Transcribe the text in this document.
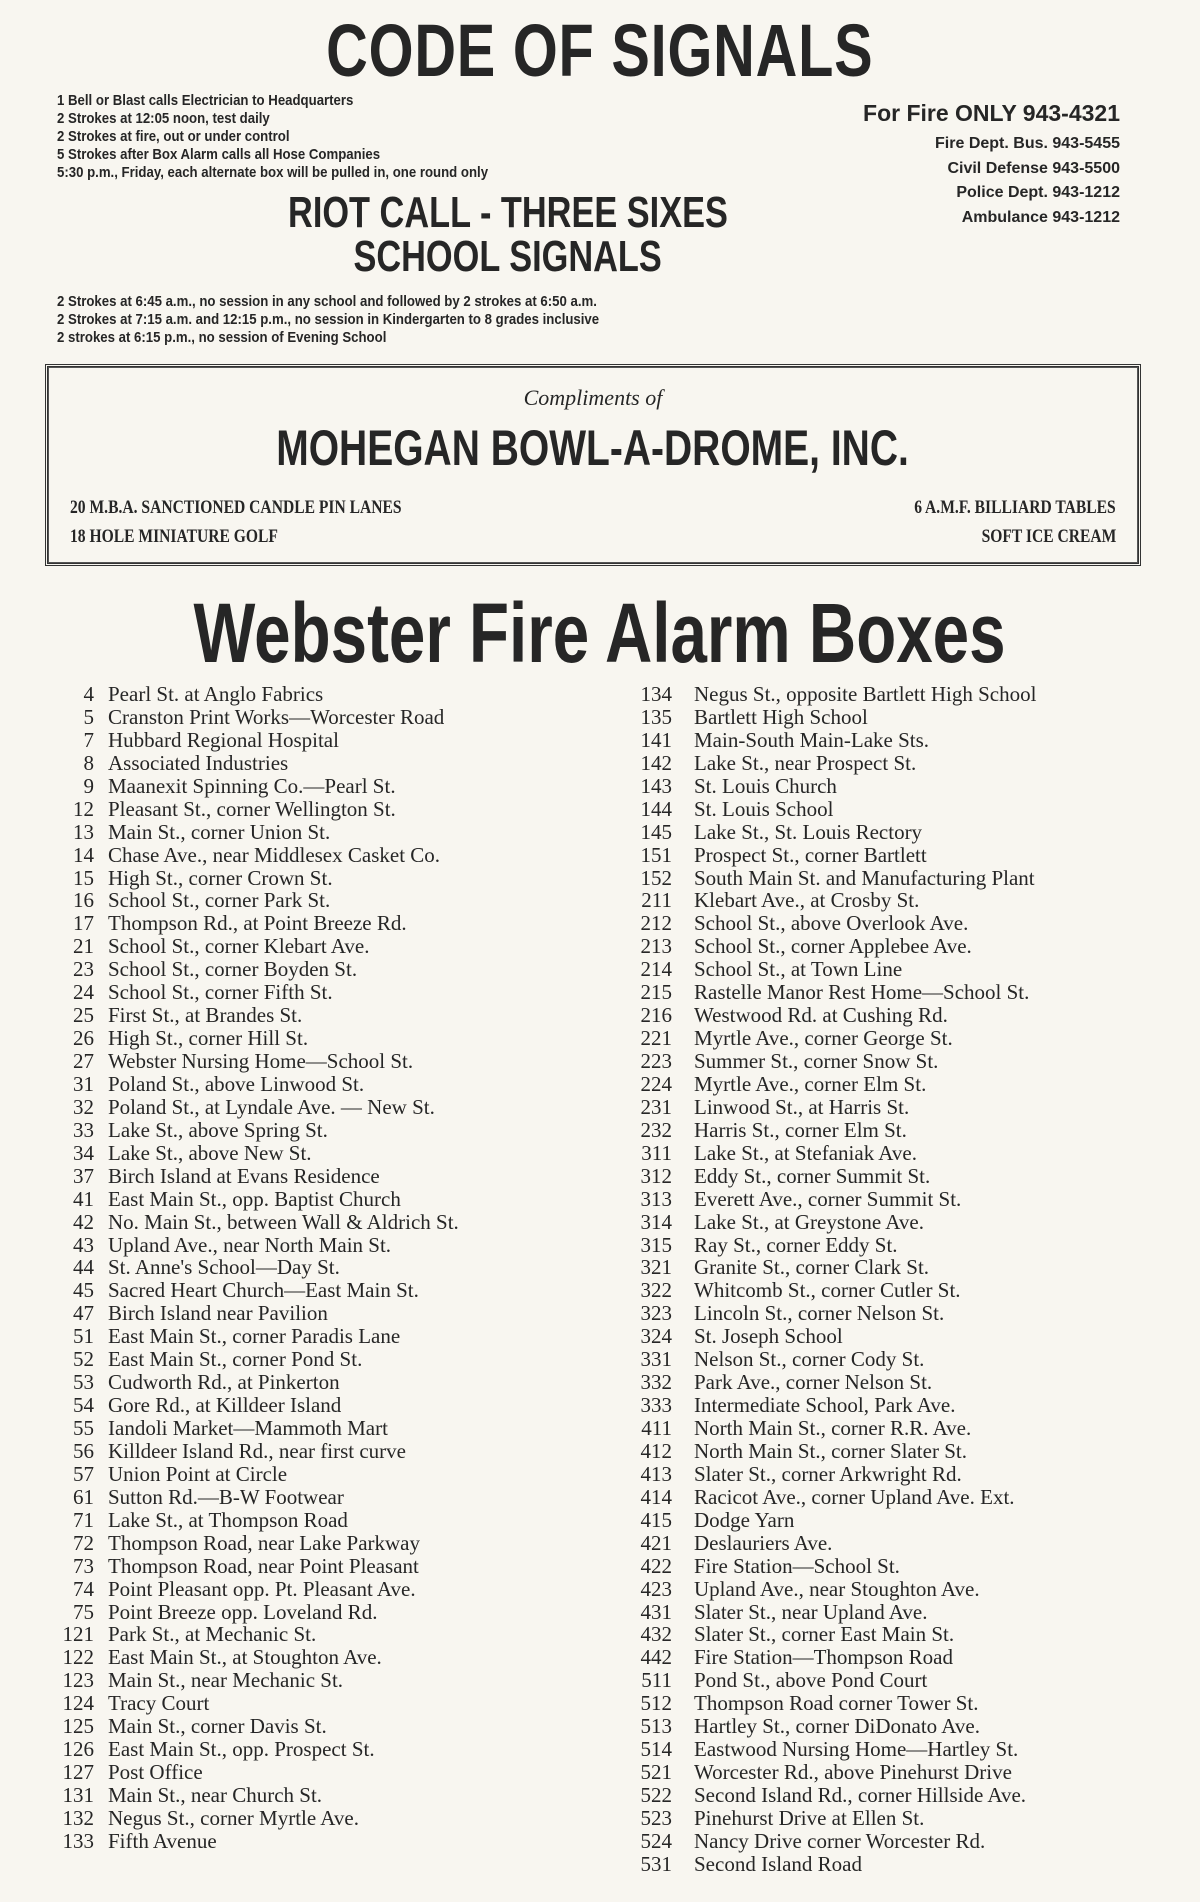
CODE OF SIGNALS
1 Bell or Blast calls Electrician to Headquarters
2 Strokes at 12:05 noon, test daily
2 Strokes at fire, out or under control
5 Strokes after Box Alarm calls all Hose Companies
5:30 p.m., Friday, each alternate box will be pulled in, one round only
For Fire ONLY 943-4321
Fire Dept. Bus. 943-5455
Civil Defense 943-5500
Police Dept. 943-1212
Ambulance 943-1212
RIOT CALL - THREE SIXES
SCHOOL SIGNALS
2 Strokes at 6:45 a.m., no session in any school and followed by 2 strokes at 6:50 a.m.
2 Strokes at 7:15 a.m. and 12:15 p.m., no session in Kindergarten to 8 grades inclusive
2 strokes at 6:15 p.m., no session of Evening School
Compliments of
MOHEGAN BOWL-A-DROME, INC.
20 M.B.A. SANCTIONED CANDLE PIN LANES
18 HOLE MINIATURE GOLF
6 A.M.F. BILLIARD TABLES
SOFT ICE CREAM
Webster Fire Alarm Boxes
4 Pearl St. at Anglo Fabrics
5 Cranston Print Works—Worcester Road
7 Hubbard Regional Hospital
8 Associated Industries
9 Maanexit Spinning Co.—Pearl St.
12 Pleasant St., corner Wellington St.
13 Main St., corner Union St.
14 Chase Ave., near Middlesex Casket Co.
15 High St., corner Crown St.
16 School St., corner Park St.
17 Thompson Rd., at Point Breeze Rd.
21 School St., corner Klebart Ave.
23 School St., corner Boyden St.
24 School St., corner Fifth St.
25 First St., at Brandes St.
26 High St., corner Hill St.
27 Webster Nursing Home—School St.
31 Poland St., above Linwood St.
32 Poland St., at Lyndale Ave. — New St.
33 Lake St., above Spring St.
34 Lake St., above New St.
37 Birch Island at Evans Residence
41 East Main St., opp. Baptist Church
42 No. Main St., between Wall & Aldrich St.
43 Upland Ave., near North Main St.
44 St. Anne's School—Day St.
45 Sacred Heart Church—East Main St.
47 Birch Island near Pavilion
51 East Main St., corner Paradis Lane
52 East Main St., corner Pond St.
53 Cudworth Rd., at Pinkerton
54 Gore Rd., at Killdeer Island
55 Iandoli Market—Mammoth Mart
56 Killdeer Island Rd., near first curve
57 Union Point at Circle
61 Sutton Rd.—B-W Footwear
71 Lake St., at Thompson Road
72 Thompson Road, near Lake Parkway
73 Thompson Road, near Point Pleasant
74 Point Pleasant opp. Pt. Pleasant Ave.
75 Point Breeze opp. Loveland Rd.
121 Park St., at Mechanic St.
122 East Main St., at Stoughton Ave.
123 Main St., near Mechanic St.
124 Tracy Court
125 Main St., corner Davis St.
126 East Main St., opp. Prospect St.
127 Post Office
131 Main St., near Church St.
132 Negus St., corner Myrtle Ave.
133 Fifth Avenue
134 Negus St., opposite Bartlett High School
135 Bartlett High School
141 Main-South Main-Lake Sts.
142 Lake St., near Prospect St.
143 St. Louis Church
144 St. Louis School
145 Lake St., St. Louis Rectory
151 Prospect St., corner Bartlett
152 South Main St. and Manufacturing Plant
211 Klebart Ave., at Crosby St.
212 School St., above Overlook Ave.
213 School St., corner Applebee Ave.
214 School St., at Town Line
215 Rastelle Manor Rest Home—School St.
216 Westwood Rd. at Cushing Rd.
221 Myrtle Ave., corner George St.
223 Summer St., corner Snow St.
224 Myrtle Ave., corner Elm St.
231 Linwood St., at Harris St.
232 Harris St., corner Elm St.
311 Lake St., at Stefaniak Ave.
312 Eddy St., corner Summit St.
313 Everett Ave., corner Summit St.
314 Lake St., at Greystone Ave.
315 Ray St., corner Eddy St.
321 Granite St., corner Clark St.
322 Whitcomb St., corner Cutler St.
323 Lincoln St., corner Nelson St.
324 St. Joseph School
331 Nelson St., corner Cody St.
332 Park Ave., corner Nelson St.
333 Intermediate School, Park Ave.
411 North Main St., corner R.R. Ave.
412 North Main St., corner Slater St.
413 Slater St., corner Arkwright Rd.
414 Racicot Ave., corner Upland Ave. Ext.
415 Dodge Yarn
421 Deslauriers Ave.
422 Fire Station—School St.
423 Upland Ave., near Stoughton Ave.
431 Slater St., near Upland Ave.
432 Slater St., corner East Main St.
442 Fire Station—Thompson Road
511 Pond St., above Pond Court
512 Thompson Road corner Tower St.
513 Hartley St., corner DiDonato Ave.
514 Eastwood Nursing Home—Hartley St.
521 Worcester Rd., above Pinehurst Drive
522 Second Island Rd., corner Hillside Ave.
523 Pinehurst Drive at Ellen St.
524 Nancy Drive corner Worcester Rd.
531 Second Island Road
